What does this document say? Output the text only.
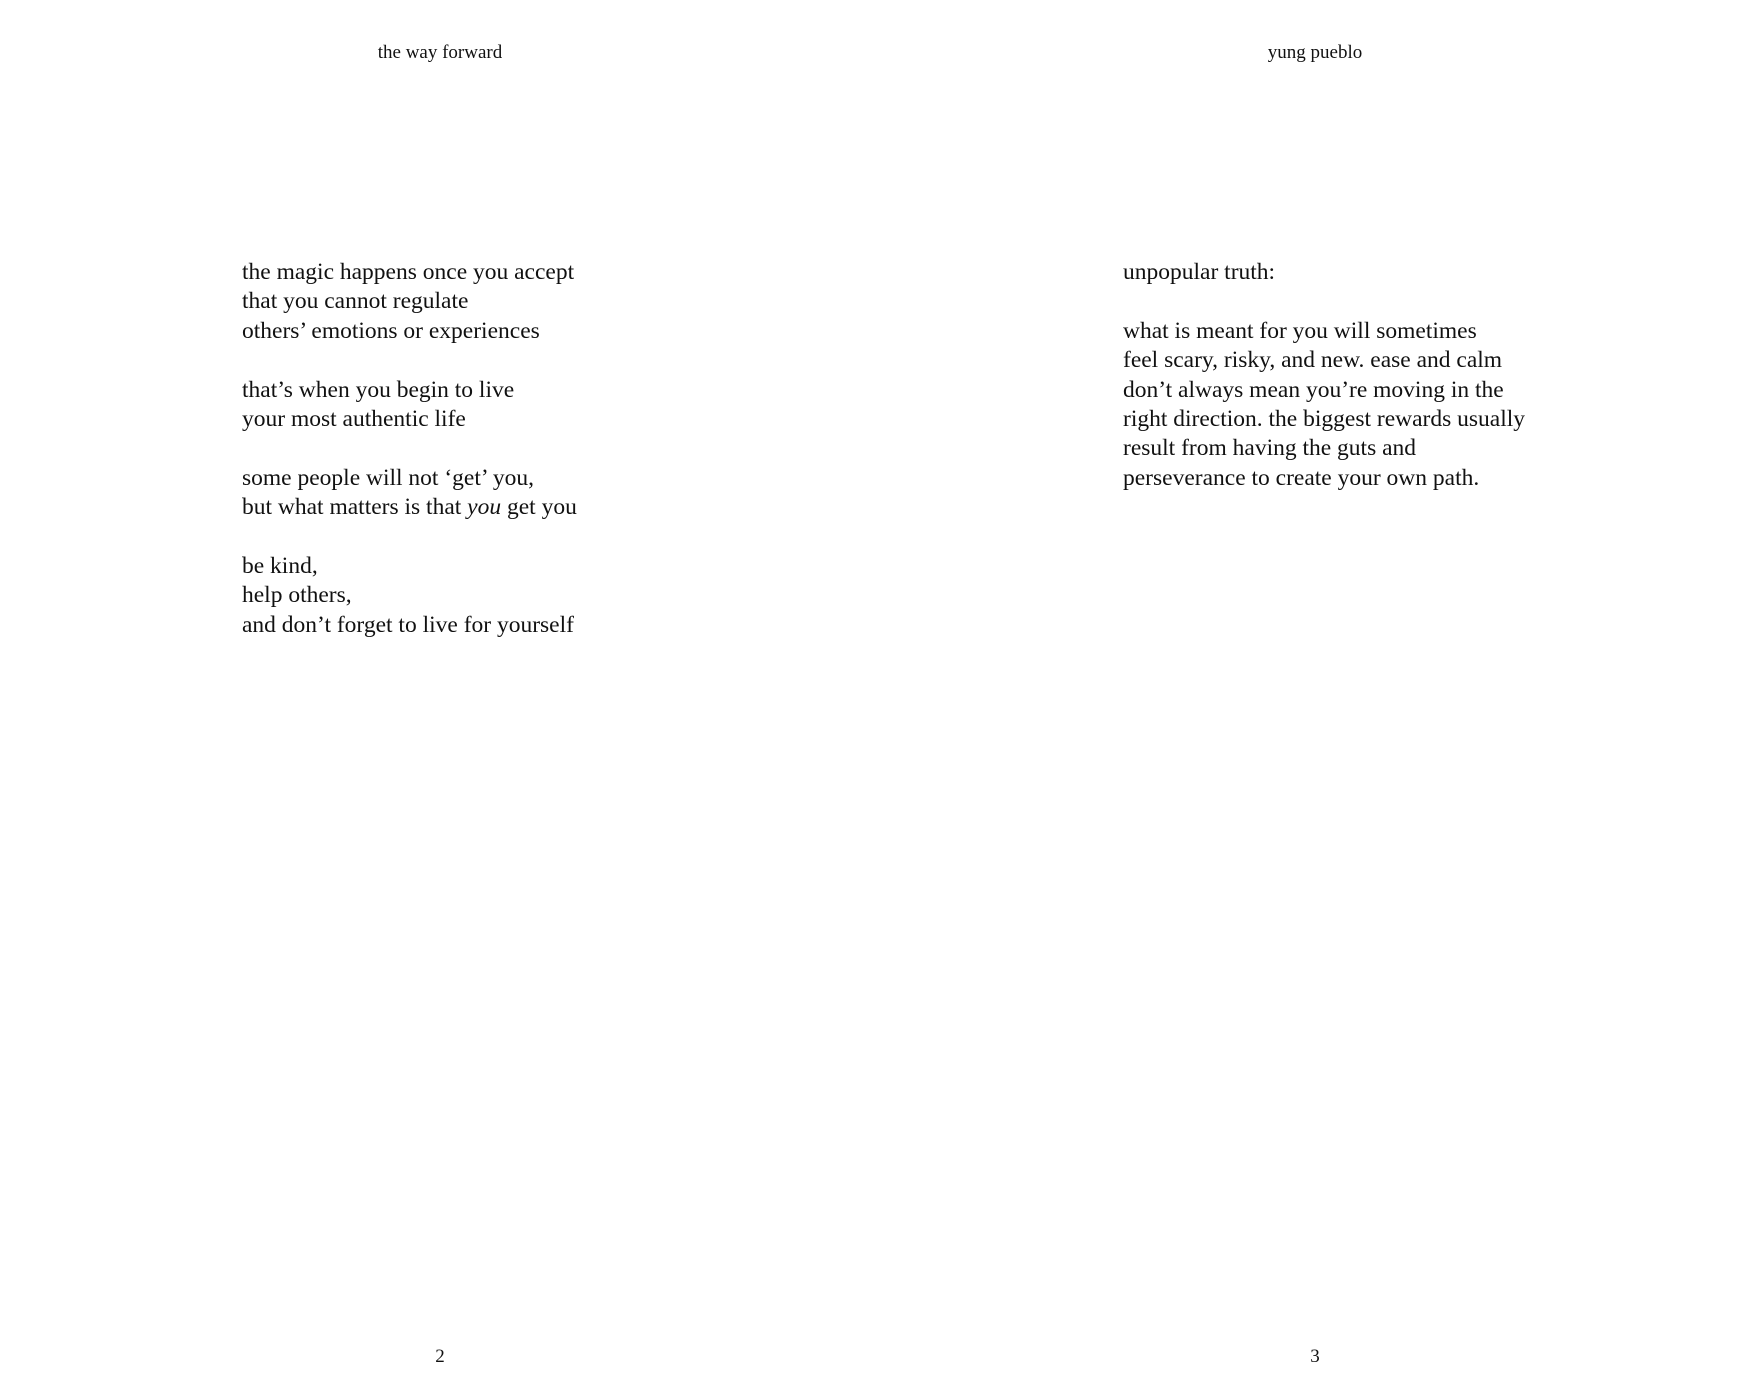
the way forward
the magic happens once you accept
that you cannot regulate
others’ emotions or experiences
that’s when you begin to live
your most authentic life
some people will not ‘get’ you,
but what matters is that you get you
be kind,
help others,
and don’t forget to live for yourself
2
yung pueblo
unpopular truth:
what is meant for you will sometimes
feel scary, risky, and new. ease and calm
don’t always mean you’re moving in the
right direction. the biggest rewards usually
result from having the guts and
perseverance to create your own path.
3
